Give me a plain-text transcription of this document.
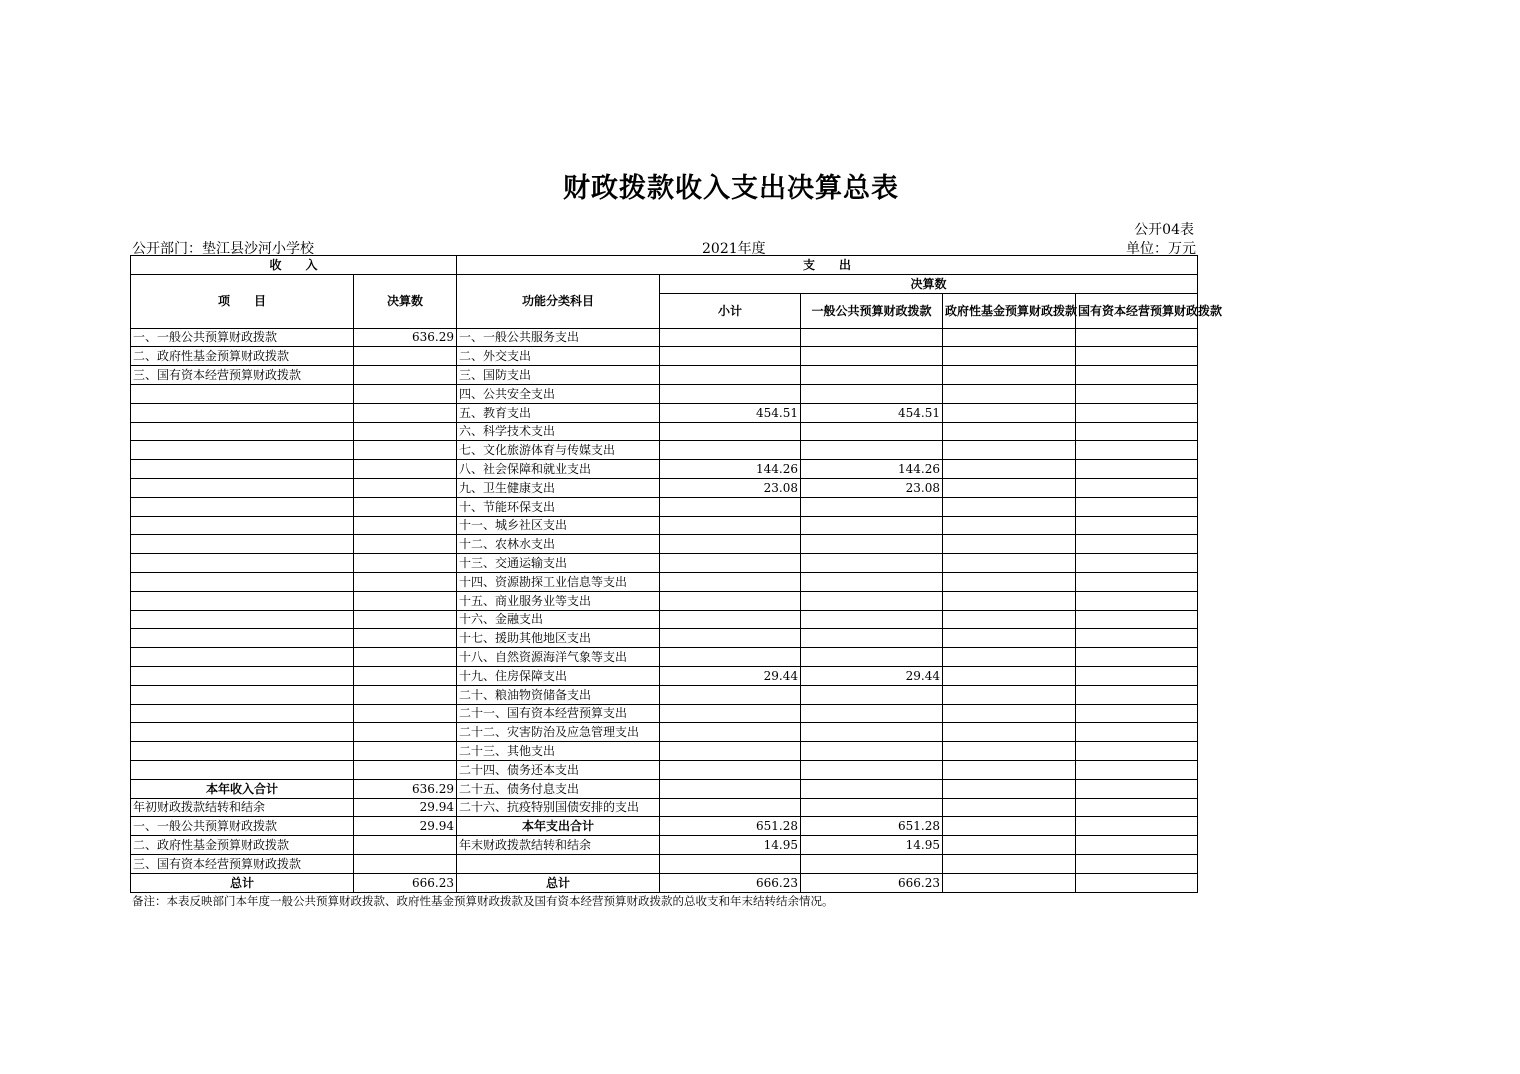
财政拨款收入支出决算总表
公开04表
公开部门：垫江县沙河小学校	2021年度	单位：万元
收　　入		支　　出				
项　　目	决算数	功能分类科目	决算数			
			小计	一般公共预算财政拨款	政府性基金预算财政拨款	国有资本经营预算财政拨款
一、一般公共预算财政拨款	636.29	一、一般公共服务支出				
二、政府性基金预算财政拨款		二、外交支出				
三、国有资本经营预算财政拨款		三、国防支出				
		四、公共安全支出				
		五、教育支出	454.51	454.51		
		六、科学技术支出				
		七、文化旅游体育与传媒支出				
		八、社会保障和就业支出	144.26	144.26		
		九、卫生健康支出	23.08	23.08		
		十、节能环保支出				
		十一、城乡社区支出				
		十二、农林水支出				
		十三、交通运输支出				
		十四、资源勘探工业信息等支出				
		十五、商业服务业等支出				
		十六、金融支出				
		十七、援助其他地区支出				
		十八、自然资源海洋气象等支出				
		十九、住房保障支出	29.44	29.44		
		二十、粮油物资储备支出				
		二十一、国有资本经营预算支出				
		二十二、灾害防治及应急管理支出				
		二十三、其他支出				
		二十四、债务还本支出				
本年收入合计	636.29	二十五、债务付息支出				
年初财政拨款结转和结余	29.94	二十六、抗疫特别国债安排的支出				
一、一般公共预算财政拨款	29.94	本年支出合计	651.28	651.28		
二、政府性基金预算财政拨款		年末财政拨款结转和结余	14.95	14.95		
三、国有资本经营预算财政拨款						
总计	666.23	总计	666.23	666.23		
备注：本表反映部门本年度一般公共预算财政拨款、政府性基金预算财政拨款及国有资本经营预算财政拨款的总收支和年末结转结余情况。
